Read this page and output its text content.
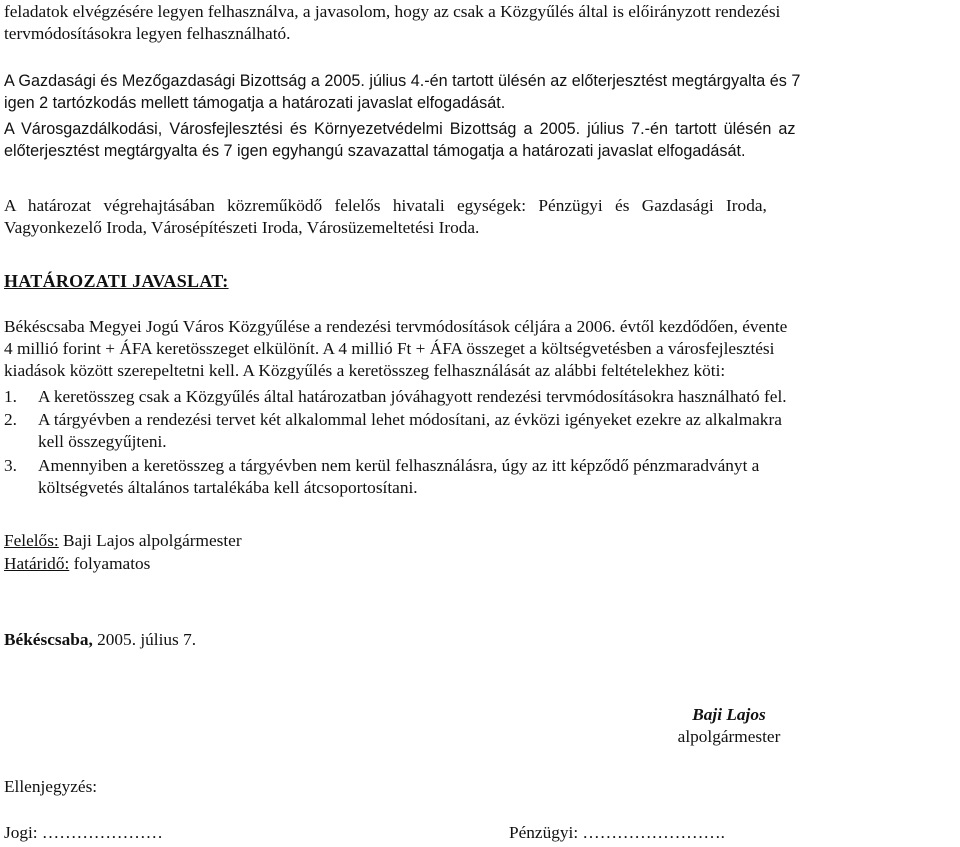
feladatok elvégzésére legyen felhasználva, a javasolom, hogy az csak a Közgyűlés által is előirányzott rendezési
tervmódosításokra legyen felhasználható.
A Gazdasági és Mezőgazdasági Bizottság a 2005. július 4.-én tartott ülésén az előterjesztést megtárgyalta és 7
igen 2 tartózkodás mellett támogatja a határozati javaslat elfogadását.
A Városgazdálkodási, Városfejlesztési és Környezetvédelmi Bizottság a 2005. július 7.-én tartott ülésén az
előterjesztést megtárgyalta és 7 igen egyhangú szavazattal támogatja a határozati javaslat elfogadását.
A határozat végrehajtásában közreműködő felelős hivatali egységek: Pénzügyi és Gazdasági Iroda,
Vagyonkezelő Iroda, Városépítészeti Iroda, Városüzemeltetési Iroda.
HATÁROZATI JAVASLAT:
Békéscsaba Megyei Jogú Város Közgyűlése a rendezési tervmódosítások céljára a 2006. évtől kezdődően, évente
4 millió forint + ÁFA keretösszeget elkülönít. A 4 millió Ft + ÁFA összeget a költségvetésben a városfejlesztési
kiadások között szerepeltetni kell. A Közgyűlés a keretösszeg felhasználását az alábbi feltételekhez köti:
1.	A keretösszeg csak a Közgyűlés által határozatban jóváhagyott rendezési tervmódosításokra használható fel.
2.	A tárgyévben a rendezési tervet két alkalommal lehet módosítani, az évközi igényeket ezekre az alkalmakra
kell összegyűjteni.
3.	Amennyiben a keretösszeg a tárgyévben nem kerül felhasználásra, úgy az itt képződő pénzmaradványt a
költségvetés általános tartalékába kell átcsoportosítani.
Felelős: Baji Lajos alpolgármester
Határidő: folyamatos
Békéscsaba, 2005. július 7.
Baji Lajos
alpolgármester
Ellenjegyzés:
Jogi: …………………	Pénzügyi: …………………….
